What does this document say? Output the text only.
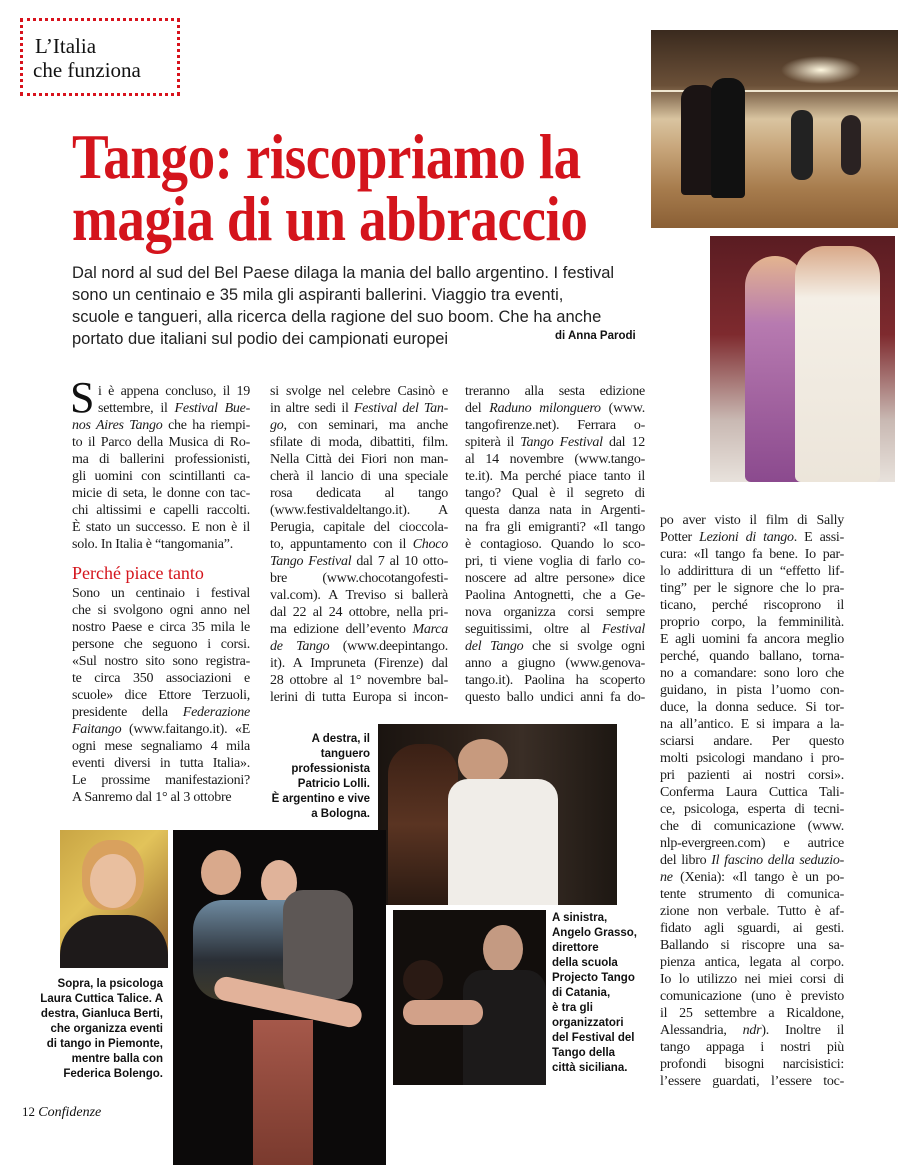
L’Italia
che funziona
Tango: riscopriamo la
magia di un abbraccio
Dal nord al sud del Bel Paese dilaga la mania del ballo argentino. I festival
sono un centinaio e 35 mila gli aspiranti ballerini. Viaggio tra eventi,
scuole e tangueri, alla ricerca della ragione del suo boom. Che ha anche
portato due italiani sul podio dei campionati europei	di Anna Parodi
S i è appena concluso, il 19
settembre, il Festival Bue-
nos Aires Tango che ha riempi-
to il Parco della Musica di Ro-
ma di ballerini professionisti,
gli uomini con scintillanti ca-
micie di seta, le donne con tac-
chi altissimi e capelli raccolti.
È stato un successo. E non è il
solo. In Italia è “tangomania”.
Perché piace tanto
Sono un centinaio i festival
che si svolgono ogni anno nel
nostro Paese e circa 35 mila le
persone che seguono i corsi.
«Sul nostro sito sono registra-
te circa 350 associazioni e
scuole» dice Ettore Terzuoli,
presidente della Federazione
Faitango (www.faitango.it). «E
ogni mese segnaliamo 4 mila
eventi diversi in tutta Italia».
Le prossime manifestazioni?
A Sanremo dal 1° al 3 ottobre
si svolge nel celebre Casinò e
in altre sedi il Festival del Tan-
go, con seminari, ma anche
sfilate di moda, dibattiti, film.
Nella Città dei Fiori non man-
cherà il lancio di una speciale
rosa dedicata al tango
(www.festivaldeltango.it). A
Perugia, capitale del cioccola-
to, appuntamento con il Choco
Tango Festival dal 7 al 10 otto-
bre (www.chocotangofesti-
val.com). A Treviso si ballerà
dal 22 al 24 ottobre, nella pri-
ma edizione dell’evento Marca
de Tango (www.deepintango.
it). A Impruneta (Firenze) dal
28 ottobre al 1° novembre bal-
lerini di tutta Europa si incon-
treranno alla sesta edizione
del Raduno milonguero (www.
tangofirenze.net). Ferrara o-
spiterà il Tango Festival dal 12
al 14 novembre (www.tango-
te.it). Ma perché piace tanto il
tango? Qual è il segreto di
questa danza nata in Argenti-
na fra gli emigranti? «Il tango
è contagioso. Quando lo sco-
pri, ti viene voglia di farlo co-
noscere ad altre persone» dice
Paolina Antognetti, che a Ge-
nova organizza corsi sempre
seguitissimi, oltre al Festival
del Tango che si svolge ogni
anno a giugno (www.genova-
tango.it). Paolina ha scoperto
questo ballo undici anni fa do-
po aver visto il film di Sally
Potter Lezioni di tango. E assi-
cura: «Il tango fa bene. Io par-
lo addirittura di un “effetto lif-
ting” per le signore che lo pra-
ticano, perché riscoprono il
proprio corpo, la femminilità.
E agli uomini fa ancora meglio
perché, quando ballano, torna-
no a comandare: sono loro che
guidano, in pista l’uomo con-
duce, la donna seduce. Si tor-
na all’antico. E si impara a la-
sciarsi andare. Per questo
molti psicologi mandano i pro-
pri pazienti ai nostri corsi».
Conferma Laura Cuttica Tali-
ce, psicologa, esperta di tecni-
che di comunicazione (www.
nlp-evergreen.com) e autrice
del libro Il fascino della seduzio-
ne (Xenia): «Il tango è un po-
tente strumento di comunica-
zione non verbale. Tutto è af-
fidato agli sguardi, ai gesti.
Ballando si riscopre una sa-
pienza antica, legata al corpo.
Io lo utilizzo nei miei corsi di
comunicazione (uno è previsto
il 25 settembre a Ricaldone,
Alessandria, ndr). Inoltre il
tango appaga i nostri più
profondi bisogni narcisistici:
l’essere guardati, l’essere toc-
A destra, il
tanguero
professionista
Patricio Lolli.
È argentino e vive
a Bologna.
Sopra, la psicologa
Laura Cuttica Talice. A
destra, Gianluca Berti,
che organizza eventi
di tango in Piemonte,
mentre balla con
Federica Bolengo.
A sinistra,
Angelo Grasso,
direttore
della scuola
Projecto Tango
di Catania,
è tra gli
organizzatori
del Festival del
Tango della
città siciliana.
12 Confidenze
